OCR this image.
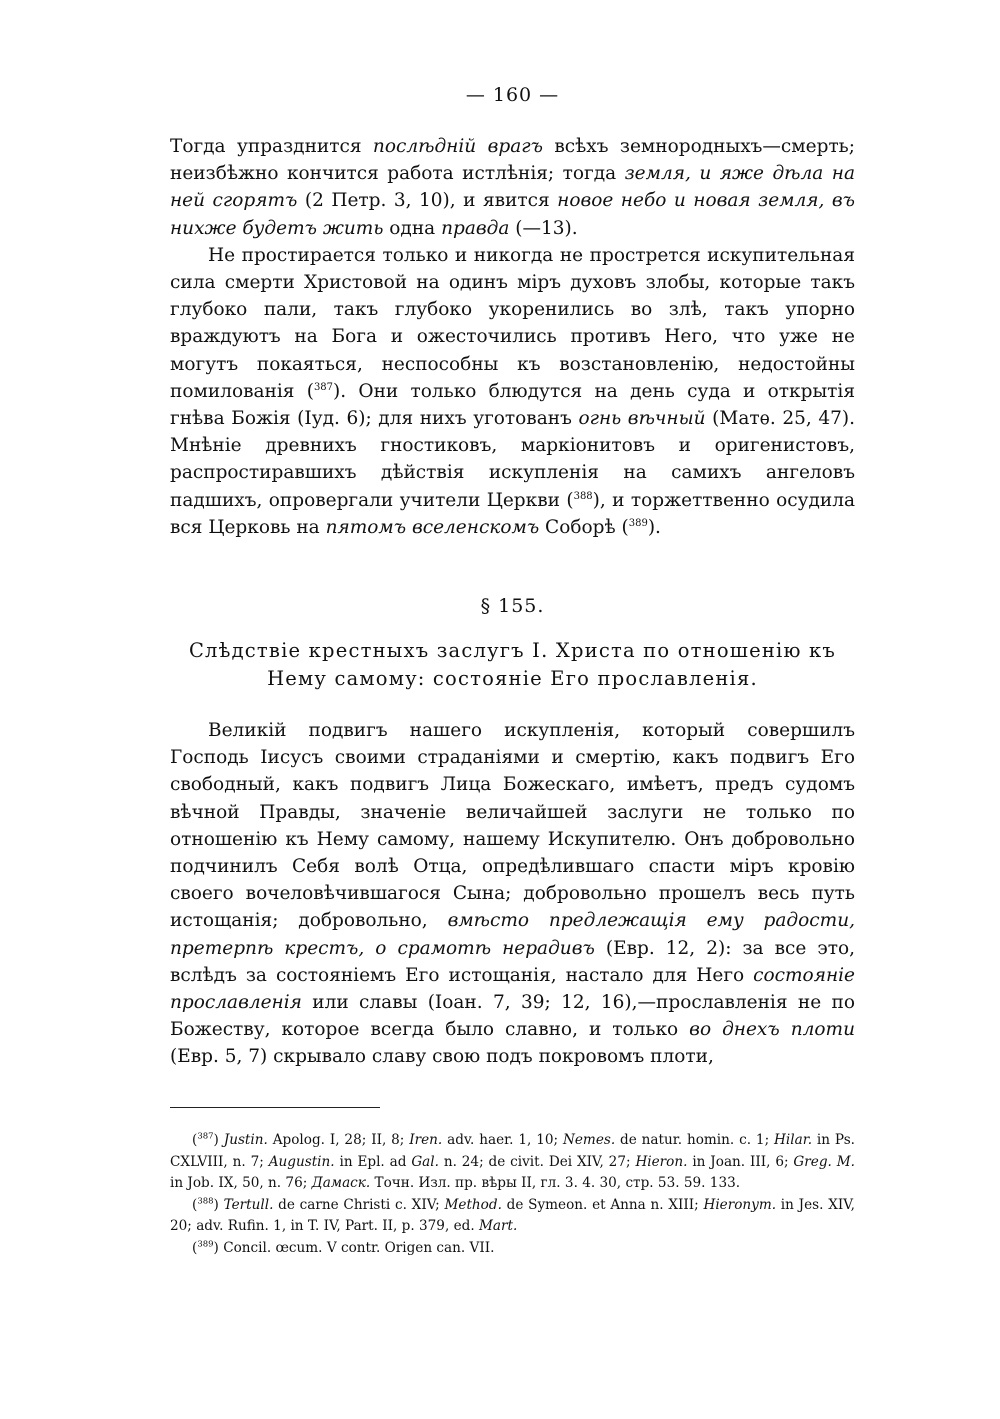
— 160 —

Тогда упразднится послѣдній врагъ всѣхъ земнородныхъ—смерть; неизбѣжно кончится работа истлѣнія; тогда земля, и яже дѣла на ней сгорятъ (2 Петр. 3, 10), и явится новое небо и новая земля, въ нихже будетъ жить одна правда (—13).

Не простирается только и никогда не прострется искупительная сила смерти Христовой на одинъ міръ духовъ злобы, которые такъ глубоко пали, такъ глубоко укоренились во злѣ, такъ упорно враждуютъ на Бога и ожесточились противъ Него, что уже не могутъ покаяться, неспособны къ возстановленію, недостойны помилованія ($^{387}$). Они только блюдутся на день суда и открытія гнѣва Божія (Іуд. 6); для нихъ уготованъ огнь вѣчный (Матѳ. 25, 47). Мнѣніе древнихъ гностиковъ, маркіонитовъ и оригенистовъ, распростиравшихъ дѣйствія искупленія на самихъ ангеловъ падшихъ, опровергали учители Церкви ($^{388}$), и торжеттвенно осудила вся Церковь на пятомъ вселенскомъ Соборѣ ($^{389}$).

§ 155.
Слѣдствіе крестныхъ заслугъ І. Христа по отношенію къ
Нему самому: состояніе Его прославленія.

Великій подвигъ нашего искупленія, который совершилъ Господь Іисусъ своими страданіями и смертію, какъ подвигъ Его свободный, какъ подвигъ Лица Божескаго, имѣетъ, предъ судомъ вѣчной Правды, значеніе величайшей заслуги не только по отношенію къ Нему самому, нашему Искупителю. Онъ добровольно подчинилъ Себя волѣ Отца, опредѣлившаго спасти міръ кровію своего вочеловѣчившагося Сына; добровольно прошелъ весь путь истощанія; добровольно, вмѣсто предлежащія ему радости, претерпѣ крестъ, о срамотѣ нерадивъ (Евр. 12, 2): за все это, вслѣдъ за состояніемъ Его истощанія, настало для Него состояніе прославленія или славы (Іоан. 7, 39; 12, 16),—прославленія не по Божеству, которое всегда было славно, и только во днехъ плоти (Евр. 5, 7) скрывало славу свою подъ покровомъ плоти,

($^{387}$) Justin. Apolog. I, 28; II, 8; Iren. adv. haer. 1, 10; Nemes. de natur. homin. c. 1; Hilar. in Ps. CXLVIII, n. 7; Augustin. in Epl. ad Gal. n. 24; de civit. Dei XIV, 27; Hieron. in Joan. III, 6; Greg. M. in Job. IX, 50, n. 76; Дамаск. Точн. Изл. пр. вѣры II, гл. 3. 4. 30, стр. 53. 59. 133.

($^{388}$) Tertull. de carne Christi c. XIV; Method. de Symeon. et Anna n. XIII; Hieronym. in Jes. XIV, 20; adv. Rufin. 1, in T. IV, Part. II, p. 379, ed. Mart.

($^{389}$) Concil. œcum. V contr. Origen can. VII.
